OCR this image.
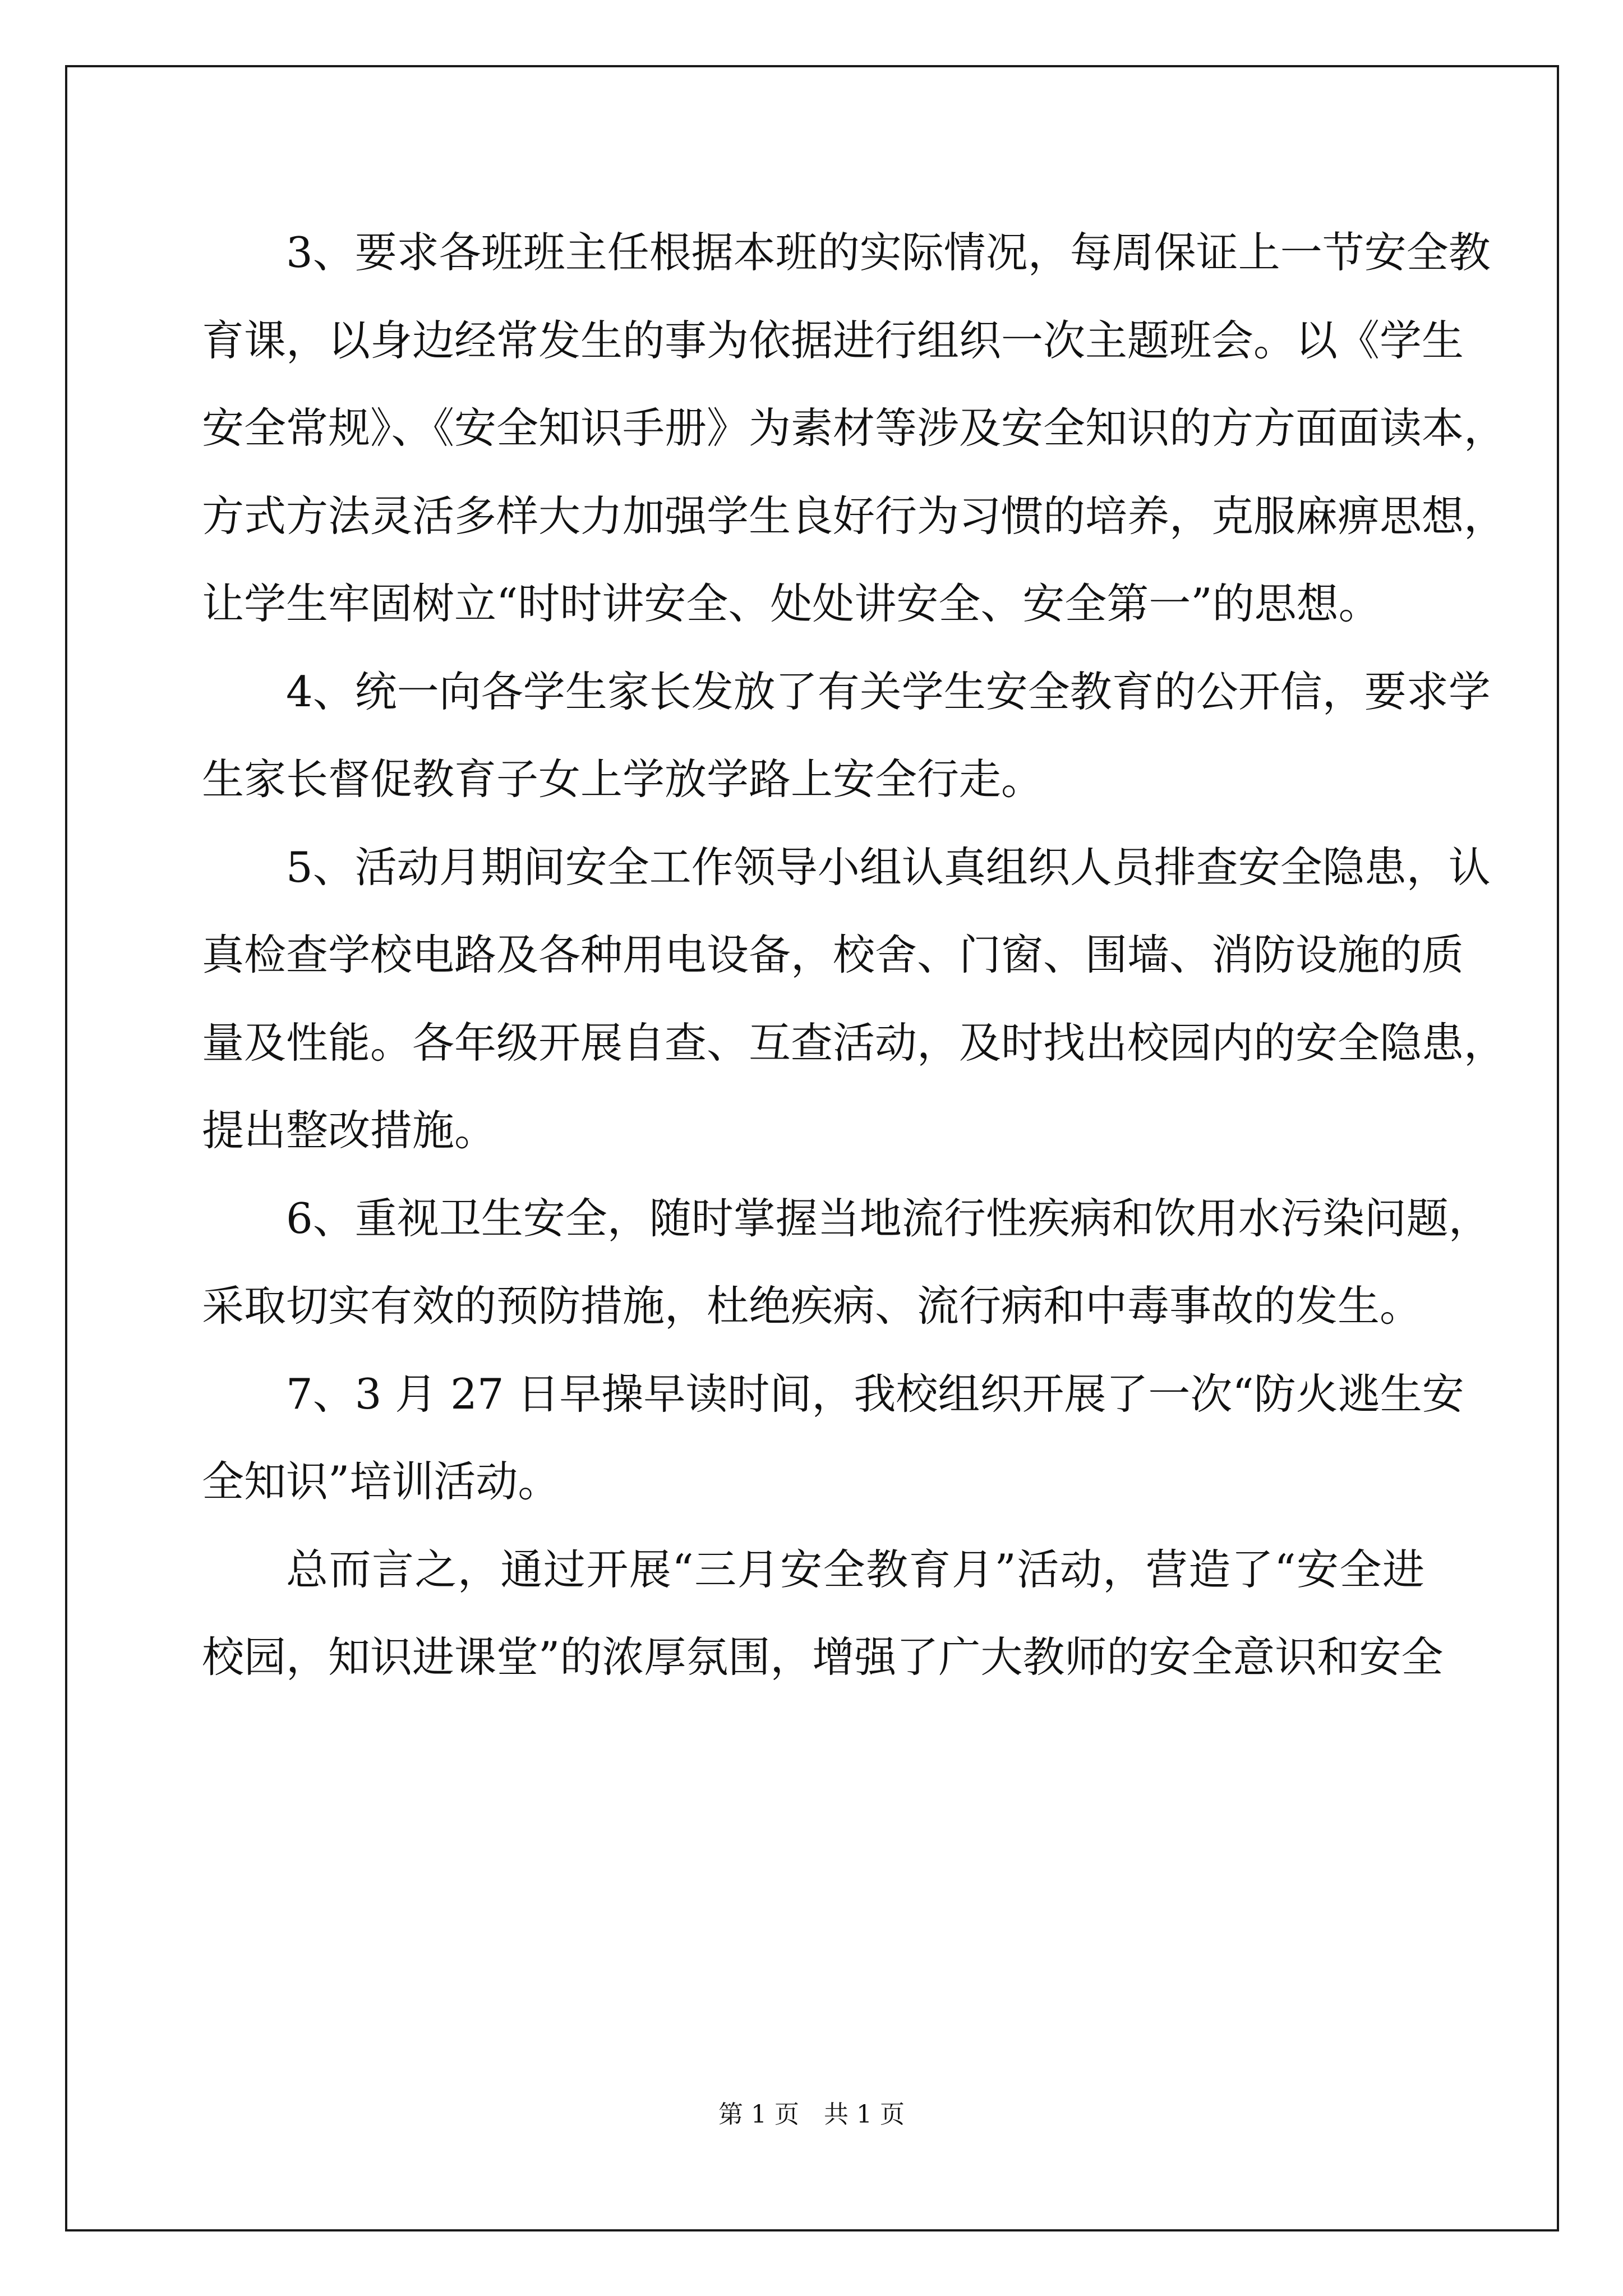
3、要求各班班主任根据本班的实际情况，每周保证上一节安全教
育课，以身边经常发生的事为依据进行组织一次主题班会。以《学生
安全常规》、《安全知识手册》为素材等涉及安全知识的方方面面读本，
方式方法灵活多样大力加强学生良好行为习惯的培养，克服麻痹思想，
让学生牢固树立“时时讲安全、处处讲安全、安全第一”的思想。
4、统一向各学生家长发放了有关学生安全教育的公开信，要求学
生家长督促教育子女上学放学路上安全行走。
5、活动月期间安全工作领导小组认真组织人员排查安全隐患，认
真检查学校电路及各种用电设备，校舍、门窗、围墙、消防设施的质
量及性能。各年级开展自查、互查活动，及时找出校园内的安全隐患，
提出整改措施。
6、重视卫生安全，随时掌握当地流行性疾病和饮用水污染问题，
采取切实有效的预防措施，杜绝疾病、流行病和中毒事故的发生。
7、3 月 27 日早操早读时间，我校组织开展了一次“防火逃生安
全知识”培训活动。
总而言之，通过开展“三月安全教育月”活动，营造了“安全进
校园，知识进课堂”的浓厚氛围，增强了广大教师的安全意识和安全
第 1 页　共 1 页
